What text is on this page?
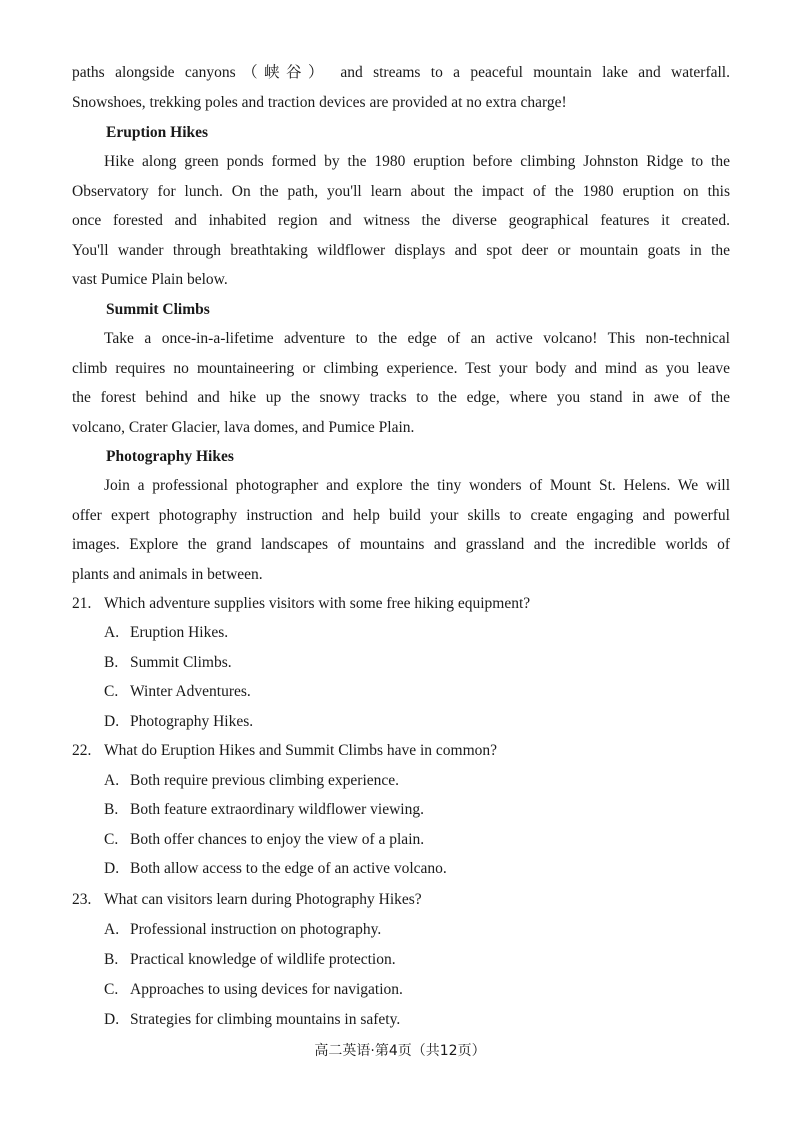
paths alongside canyons（峡谷） and streams to a peaceful mountain lake and waterfall.
Snowshoes, trekking poles and traction devices are provided at no extra charge!
Eruption Hikes
Hike along green ponds formed by the 1980 eruption before climbing Johnston Ridge to the
Observatory for lunch. On the path, you'll learn about the impact of the 1980 eruption on this
once forested and inhabited region and witness the diverse geographical features it created.
You'll wander through breathtaking wildflower displays and spot deer or mountain goats in the
vast Pumice Plain below.
Summit Climbs
Take a once-in-a-lifetime adventure to the edge of an active volcano! This non-technical
climb requires no mountaineering or climbing experience. Test your body and mind as you leave
the forest behind and hike up the snowy tracks to the edge, where you stand in awe of the
volcano, Crater Glacier, lava domes, and Pumice Plain.
Photography Hikes
Join a professional photographer and explore the tiny wonders of Mount St. Helens. We will
offer expert photography instruction and help build your skills to create engaging and powerful
images. Explore the grand landscapes of mountains and grassland and the incredible worlds of
plants and animals in between.
21. Which adventure supplies visitors with some free hiking equipment?
A. Eruption Hikes.
B. Summit Climbs.
C. Winter Adventures.
D. Photography Hikes.
22. What do Eruption Hikes and Summit Climbs have in common?
A. Both require previous climbing experience.
B. Both feature extraordinary wildflower viewing.
C. Both offer chances to enjoy the view of a plain.
D. Both allow access to the edge of an active volcano.
23. What can visitors learn during Photography Hikes?
A. Professional instruction on photography.
B. Practical knowledge of wildlife protection.
C. Approaches to using devices for navigation.
D. Strategies for climbing mountains in safety.
高二英语·第4页（共12页）
